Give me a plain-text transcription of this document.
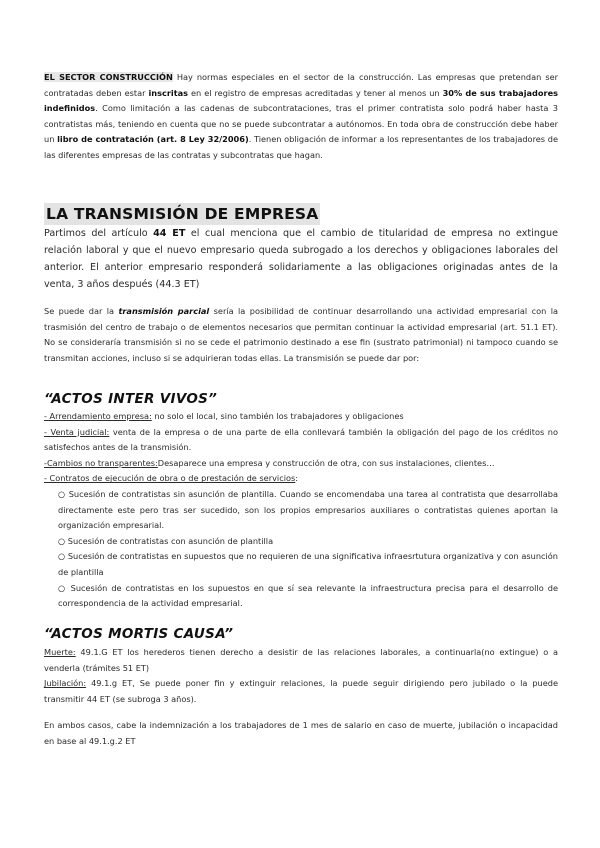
EL SECTOR CONSTRUCCIÓN Hay normas especiales en el sector de la construcción. Las empresas que pretendan ser contratadas deben estar inscritas en el registro de empresas acreditadas y tener al menos un 30% de sus trabajadores indefinidos. Como limitación a las cadenas de subcontrataciones, tras el primer contratista solo podrá haber hasta 3 contratistas más, teniendo en cuenta que no se puede subcontratar a autónomos. En toda obra de construcción debe haber un libro de contratación (art. 8 Ley 32/2006). Tienen obligación de informar a los representantes de los trabajadores de las diferentes empresas de las contratas y subcontratas que hagan.
LA TRANSMISIÓN DE EMPRESA
Partimos del artículo 44 ET el cual menciona que el cambio de titularidad de empresa no extingue relación laboral y que el nuevo empresario queda subrogado a los derechos y obligaciones laborales del anterior. El anterior empresario responderá solidariamente a las obligaciones originadas antes de la venta, 3 años después (44.3 ET)
Se puede dar la transmisión parcial sería la posibilidad de continuar desarrollando una actividad empresarial con la trasmisión del centro de trabajo o de elementos necesarios que permitan continuar la actividad empresarial (art. 51.1 ET). No se consideraría transmisión si no se cede el patrimonio destinado a ese fin (sustrato patrimonial) ni tampoco cuando se transmitan acciones, incluso si se adquirieran todas ellas. La transmisión se puede dar por:
“ACTOS INTER VIVOS”
- Arrendamiento empresa: no solo el local, sino también los trabajadores y obligaciones
- Venta judicial: venta de la empresa o de una parte de ella conllevará también la obligación del pago de los créditos no satisfechos antes de la transmisión.
-Cambios no transparentes:Desaparece una empresa y construcción de otra, con sus instalaciones, clientes…
- Contratos de ejecución de obra o de prestación de servicios:
○ Sucesión de contratistas sin asunción de plantilla. Cuando se encomendaba una tarea al contratista que desarrollaba directamente este pero tras ser sucedido, son los propios empresarios auxiliares o contratistas quienes aportan la organización empresarial.
○ Sucesión de contratistas con asunción de plantilla
○ Sucesión de contratistas en supuestos que no requieren de una significativa infraesrtutura organizativa y con asunción de plantilla
○ Sucesión de contratistas en los supuestos en que sí sea relevante la infraestructura precisa para el desarrollo de correspondencia de la actividad empresarial.
“ACTOS MORTIS CAUSA”
Muerte: 49.1.G ET los herederos tienen derecho a desistir de las relaciones laborales, a continuarla(no extingue) o a venderla (trámites 51 ET)
Jubilación: 49.1.g ET, Se puede poner fin y extinguir relaciones, la puede seguir dirigiendo pero jubilado o la puede transmitir 44 ET (se subroga 3 años).
En ambos casos, cabe la indemnización a los trabajadores de 1 mes de salario en caso de muerte, jubilación o incapacidad en base al 49.1.g.2 ET
